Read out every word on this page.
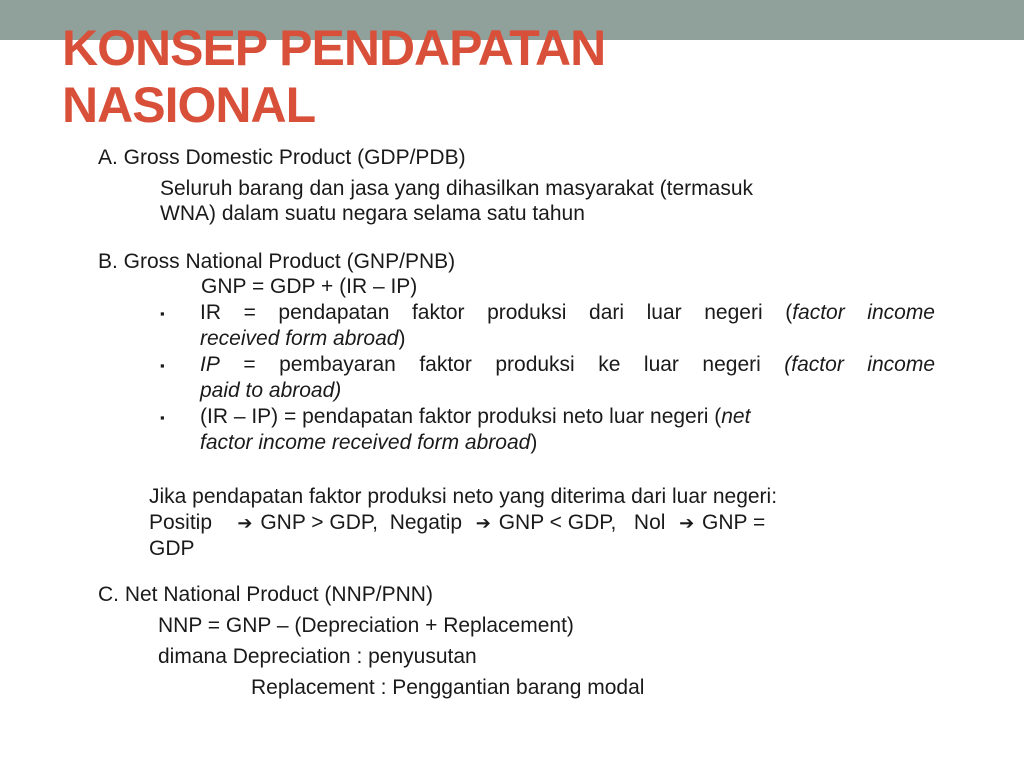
KONSEP PENDAPATAN
NASIONAL

A. Gross Domestic Product (GDP/PDB)

Seluruh barang dan jasa yang dihasilkan masyarakat (termasuk

WNA) dalam suatu negara selama satu tahun

B. Gross National Product (GNP/PNB)

GNP = GDP + (IR – IP)

▪ IR = pendapatan faktor produksi dari luar negeri (factor income
received form abroad)
▪ IP = pembayaran faktor produksi ke luar negeri (factor income
paid to abroad)
▪ (IR – IP) = pendapatan faktor produksi neto luar negeri (net
factor income received form abroad)

Jika pendapatan faktor produksi neto yang diterima dari luar negeri:

Positip ➔ GNP > GDP, Negatip ➔ GNP < GDP, Nol ➔ GNP =

GDP

C. Net National Product (NNP/PNN)

NNP = GNP – (Depreciation + Replacement)

dimana Depreciation : penyusutan

Replacement : Penggantian barang modal
